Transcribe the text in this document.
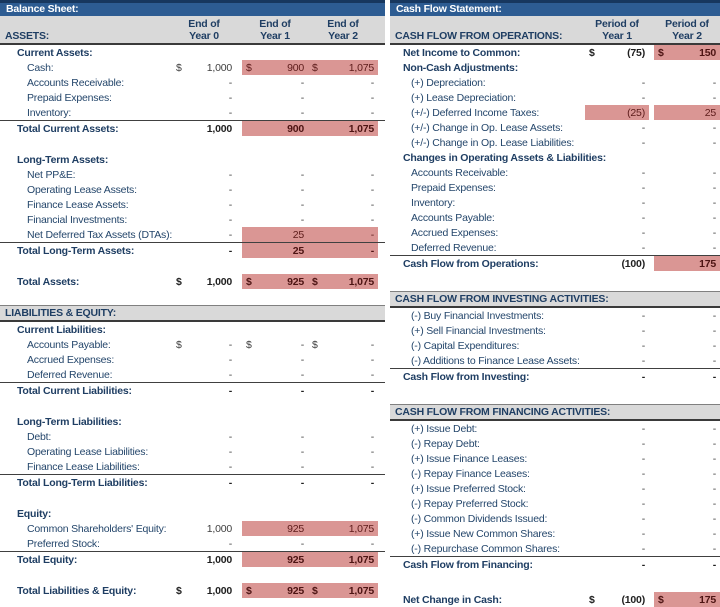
Balance Sheet:
ASSETS:
End of
Year 0
End of
Year 1
End of
Year 2
Current Assets:
Cash:	$ 1,000 $	900 $	1,075
Accounts Receivable:	-	-	-
Prepaid Expenses:	-	-	-
Inventory:	-	-	-
Total Current Assets:	1,000	900	1,075
Long-Term Assets:
Net PP&E:	-	-	-
Operating Lease Assets:	-	-	-
Finance Lease Assets:	-	-	-
Financial Investments:	-	-	-
Net Deferred Tax Assets (DTAs):	-	25	-
Total Long-Term Assets:	-	25	-
Total Assets:	$ 1,000 $	925 $	1,075
LIABILITIES & EQUITY:
Current Liabilities:
Accounts Payable:	$	- $	- $	-
Accrued Expenses:	-	-	-
Deferred Revenue:	-	-	-
Total Current Liabilities:	-	-	-
Long-Term Liabilities:
Debt:	-	-	-
Operating Lease Liabilities:	-	-	-
Finance Lease Liabilities:	-	-	-
Total Long-Term Liabilities:	-	-	-
Equity:
Common Shareholders' Equity:	1,000	925	1,075
Preferred Stock:	-	-	-
Total Equity:	1,000	925	1,075
Total Liabilities & Equity:	$ 1,000 $	925 $	1,075
Cash Flow Statement:
CASH FLOW FROM OPERATIONS:
Period of
Year 1
Period of
Year 2
Net Income to Common:	$	(75) $	150
Non-Cash Adjustments:
(+) Depreciation:	-	-
(+) Lease Depreciation:	-	-
(+/-) Deferred Income Taxes:	(25)	25
(+/-) Change in Op. Lease Assets:	-	-
(+/-) Change in Op. Lease Liabilities:	-	-
Changes in Operating Assets & Liabilities:
Accounts Receivable:	-	-
Prepaid Expenses:	-	-
Inventory:	-	-
Accounts Payable:	-	-
Accrued Expenses:	-	-
Deferred Revenue:	-	-
Cash Flow from Operations:	(100)	175
CASH FLOW FROM INVESTING ACTIVITIES:
(-) Buy Financial Investments:	-	-
(+) Sell Financial Investments:	-	-
(-) Capital Expenditures:	-	-
(-) Additions to Finance Lease Assets:	-	-
Cash Flow from Investing:	-	-
CASH FLOW FROM FINANCING ACTIVITIES:
(+) Issue Debt:	-	-
(-) Repay Debt:	-	-
(+) Issue Finance Leases:	-	-
(-) Repay Finance Leases:	-	-
(+) Issue Preferred Stock:	-	-
(-) Repay Preferred Stock:	-	-
(-) Common Dividends Issued:	-	-
(+) Issue New Common Shares:	-	-
(-) Repurchase Common Shares:	-	-
Cash Flow from Financing:	-	-
Net Change in Cash:	$	(100) $	175
